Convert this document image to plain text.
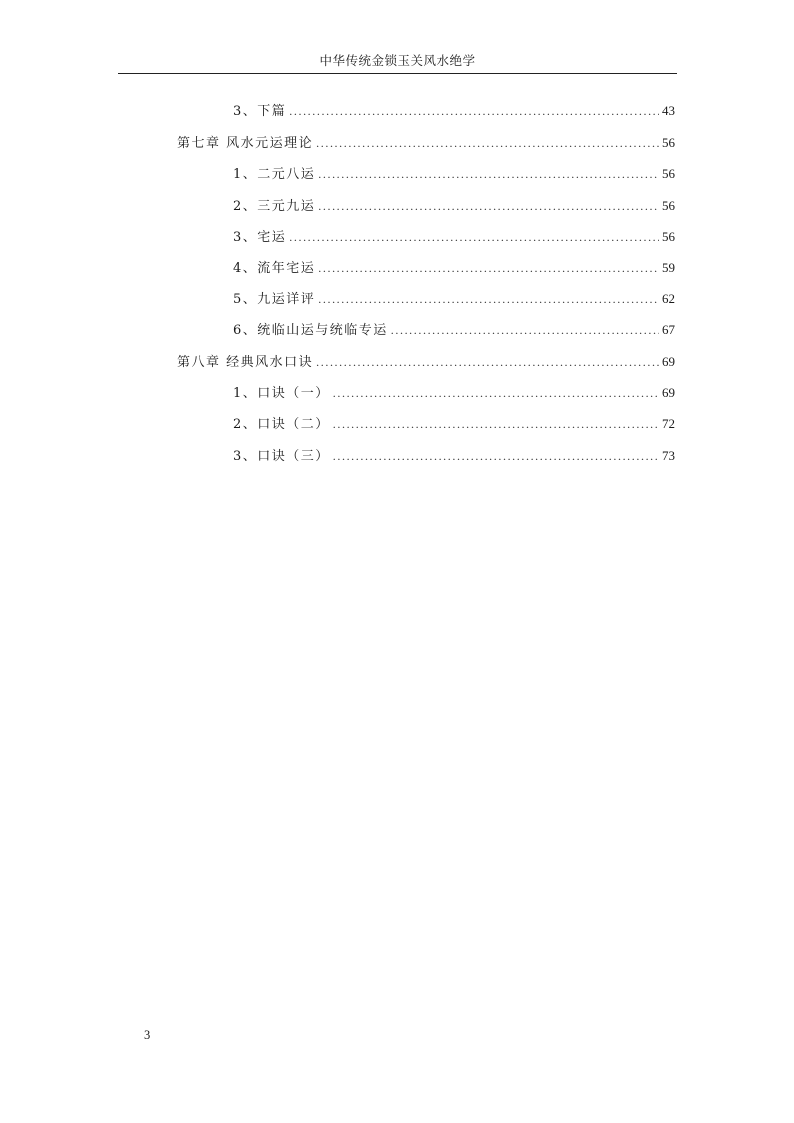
中华传统金锁玉关风水绝学
3、下篇 .....	43
第七章 风水元运理论 .....	56
1、二元八运 .....	56
2、三元九运 .....	56
3、宅运 .....	56
4、流年宅运 .....	59
5、九运详评 .....	62
6、统临山运与统临专运 .....	67
第八章 经典风水口诀 .....	69
1、口诀（一） .....	69
2、口诀（二） .....	72
3、口诀（三） .....	73
3
